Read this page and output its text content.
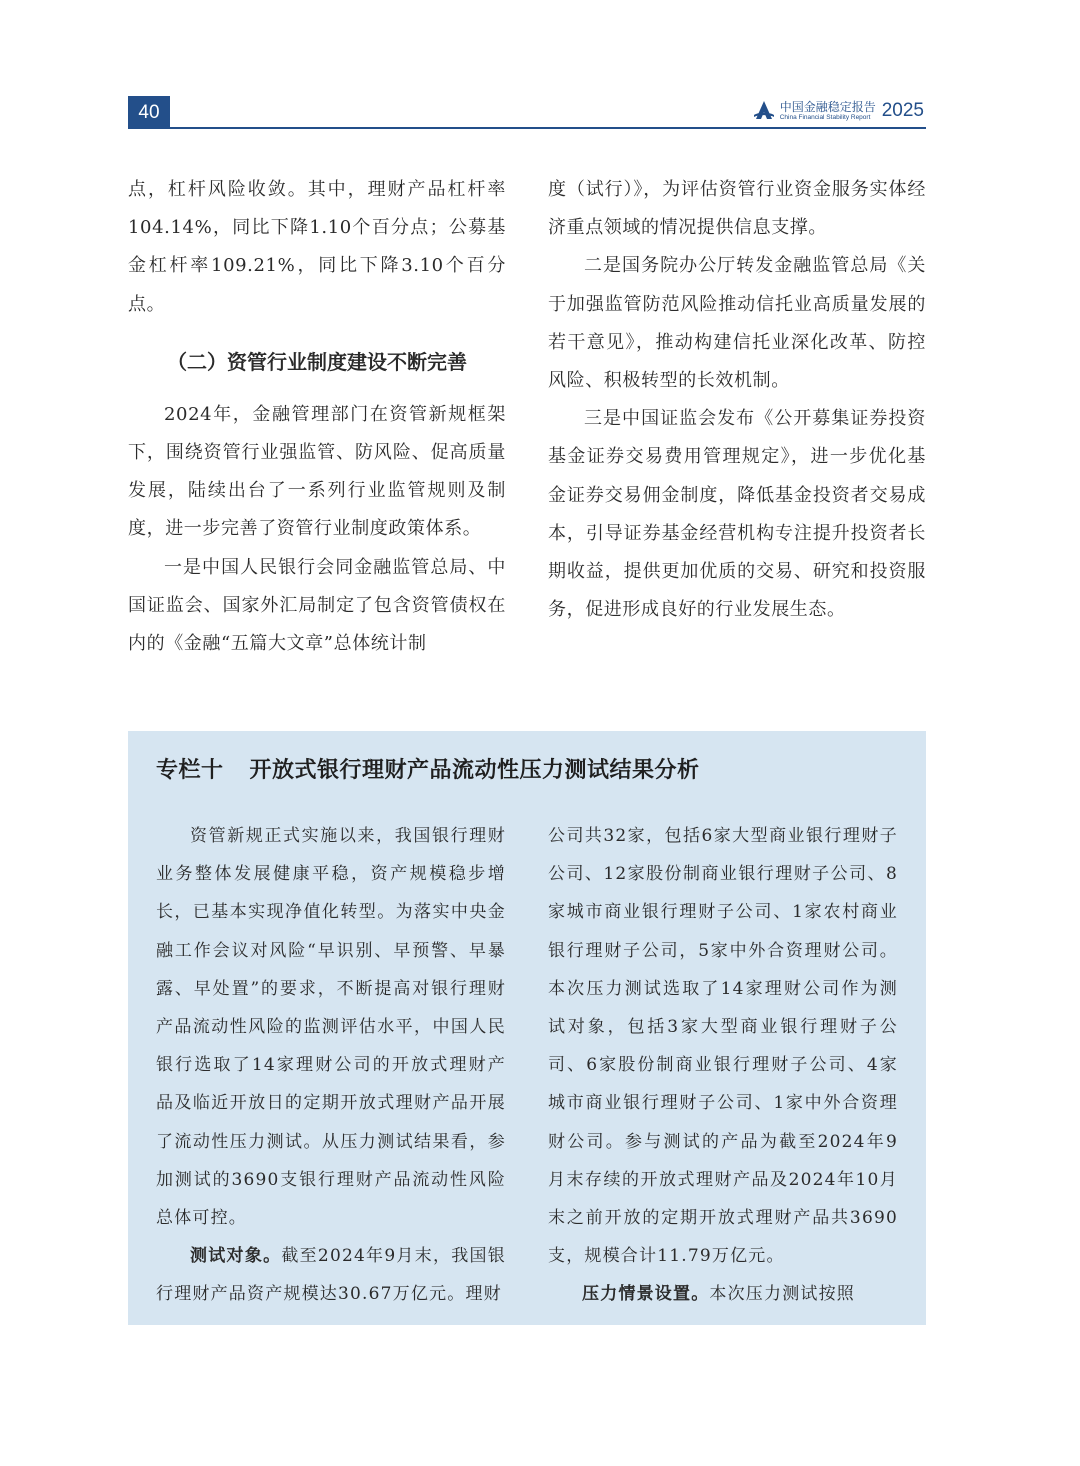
40	中国金融稳定报告
China Financial Stability Report 2025

点，杠杆风险收敛。其中，理财产品杠杆率104.14%，同比下降1.10个百分点；公募基金杠杆率109.21%，同比下降3.10个百分点。

（二）资管行业制度建设不断完善

2024年，金融管理部门在资管新规框架下，围绕资管行业强监管、防风险、促高质量发展，陆续出台了一系列行业监管规则及制度，进一步完善了资管行业制度政策体系。

一是中国人民银行会同金融监管总局、中国证监会、国家外汇局制定了包含资管债权在内的《金融“五篇大文章”总体统计制

度（试行）》，为评估资管行业资金服务实体经济重点领域的情况提供信息支撑。

二是国务院办公厅转发金融监管总局《关于加强监管防范风险推动信托业高质量发展的若干意见》，推动构建信托业深化改革、防控风险、积极转型的长效机制。

三是中国证监会发布《公开募集证券投资基金证券交易费用管理规定》，进一步优化基金证券交易佣金制度，降低基金投资者交易成本，引导证券基金经营机构专注提升投资者长期收益，提供更加优质的交易、研究和投资服务，促进形成良好的行业发展生态。

专栏十 开放式银行理财产品流动性压力测试结果分析

资管新规正式实施以来，我国银行理财业务整体发展健康平稳，资产规模稳步增长，已基本实现净值化转型。为落实中央金融工作会议对风险“早识别、早预警、早暴露、早处置”的要求，不断提高对银行理财产品流动性风险的监测评估水平，中国人民银行选取了14家理财公司的开放式理财产品及临近开放日的定期开放式理财产品开展了流动性压力测试。从压力测试结果看，参加测试的3690支银行理财产品流动性风险总体可控。

测试对象。截至2024年9月末，我国银行理财产品资产规模达30.67万亿元。理财

公司共32家，包括6家大型商业银行理财子公司、12家股份制商业银行理财子公司、8家城市商业银行理财子公司、1家农村商业银行理财子公司，5家中外合资理财公司。本次压力测试选取了14家理财公司作为测试对象，包括3家大型商业银行理财子公司、6家股份制商业银行理财子公司、4家城市商业银行理财子公司、1家中外合资理财公司。参与测试的产品为截至2024年9月末存续的开放式理财产品及2024年10月末之前开放的定期开放式理财产品共3690支，规模合计11.79万亿元。

压力情景设置。本次压力测试按照
